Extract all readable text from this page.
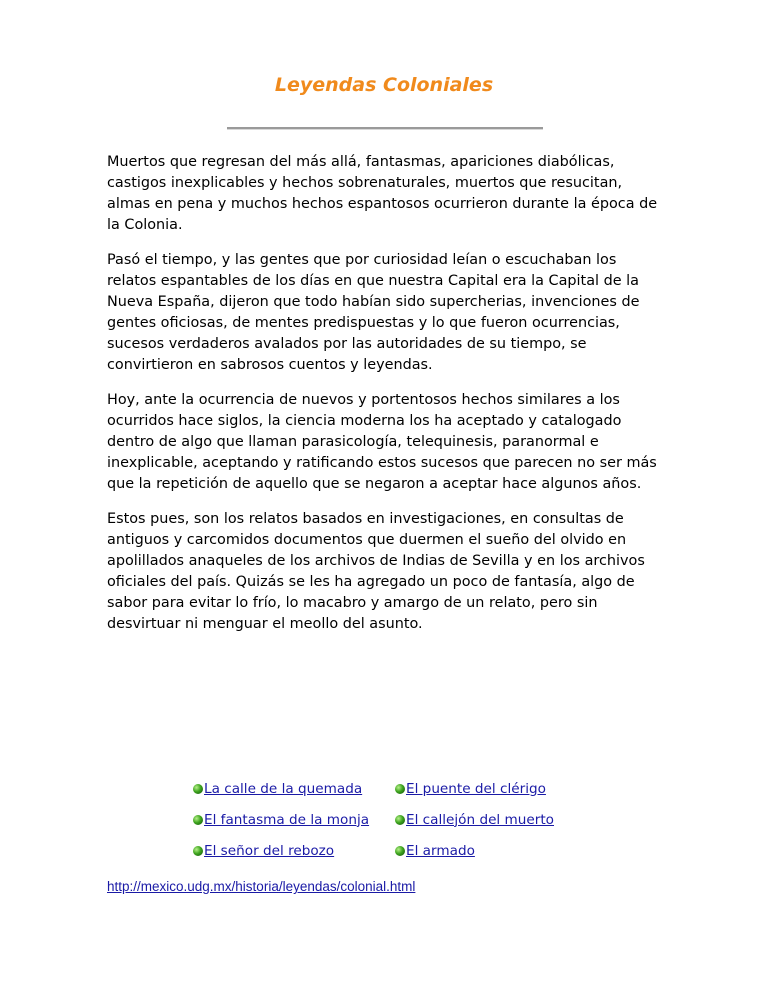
Leyendas Coloniales

Muertos que regresan del más allá, fantasmas, apariciones diabólicas, castigos inexplicables y hechos sobrenaturales, muertos que resucitan, almas en pena y muchos hechos espantosos ocurrieron durante la época de la Colonia.

Pasó el tiempo, y las gentes que por curiosidad leían o escuchaban los relatos espantables de los días en que nuestra Capital era la Capital de la Nueva España, dijeron que todo habían sido supercherias, invenciones de gentes oficiosas, de mentes predispuestas y lo que fueron ocurrencias, sucesos verdaderos avalados por las autoridades de su tiempo, se convirtieron en sabrosos cuentos y leyendas.

Hoy, ante la ocurrencia de nuevos y portentosos hechos similares a los ocurridos hace siglos, la ciencia moderna los ha aceptado y catalogado dentro de algo que llaman parasicología, telequinesis, paranormal e inexplicable, aceptando y ratificando estos sucesos que parecen no ser más que la repetición de aquello que se negaron a aceptar hace algunos años.

Estos pues, son los relatos basados en investigaciones, en consultas de antiguos y carcomidos documentos que duermen el sueño del olvido en apolillados anaqueles de los archivos de Indias de Sevilla y en los archivos oficiales del país. Quizás se les ha agregado un poco de fantasía, algo de sabor para evitar lo frío, lo macabro y amargo de un relato, pero sin desvirtuar ni menguar el meollo del asunto.

La calle de la quemada	El puente del clérigo
El fantasma de la monja	El callejón del muerto
El señor del rebozo	El armado
http://mexico.udg.mx/historia/leyendas/colonial.html
